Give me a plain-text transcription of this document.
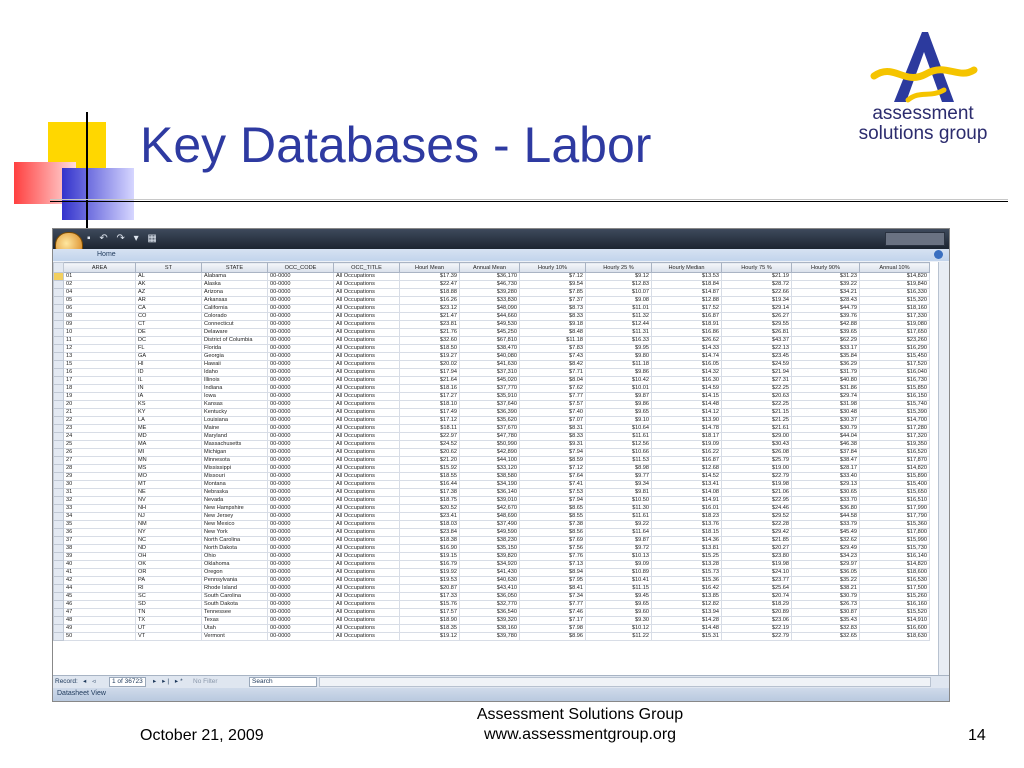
Key Databases - Labor
assessment
solutions group
▪ ↶ ↷ ▾ ▦
Home
	AREA	ST	STATE	OCC_CODE	OCC_TITLE	Hourl Mean	Annual Mean	Hourly 10%	Hourly 25 %	Hourly Median	Hourly 75 %	Hourly 90%	Annual 10%
	01	AL	Alabama	00-0000	All Occupations	$17.39	$36,170	$7.12	$9.12	$13.53	$21.19	$31.23	$14,820
	02	AK	Alaska	00-0000	All Occupations	$22.47	$46,730	$9.54	$12.83	$18.84	$28.72	$39.22	$19,840
	04	AZ	Arizona	00-0000	All Occupations	$18.88	$39,280	$7.85	$10.07	$14.87	$22.66	$34.21	$16,330
	05	AR	Arkansas	00-0000	All Occupations	$16.26	$33,830	$7.37	$9.08	$12.88	$19.34	$28.43	$15,320
	06	CA	California	00-0000	All Occupations	$23.12	$48,090	$8.73	$11.01	$17.52	$29.14	$44.79	$18,160
	08	CO	Colorado	00-0000	All Occupations	$21.47	$44,660	$8.33	$11.32	$16.87	$26.27	$39.76	$17,330
	09	CT	Connecticut	00-0000	All Occupations	$23.81	$49,530	$9.18	$12.44	$18.91	$29.55	$42.88	$19,080
	10	DE	Delaware	00-0000	All Occupations	$21.76	$45,250	$8.48	$11.31	$16.86	$26.81	$39.65	$17,650
	11	DC	District of Columbia	00-0000	All Occupations	$32.60	$67,810	$11.18	$16.33	$26.62	$43.37	$62.29	$23,260
	12	FL	Florida	00-0000	All Occupations	$18.50	$38,470	$7.83	$9.95	$14.33	$22.13	$33.17	$16,290
	13	GA	Georgia	00-0000	All Occupations	$19.27	$40,080	$7.43	$9.80	$14.74	$23.45	$35.84	$15,450
	15	HI	Hawaii	00-0000	All Occupations	$20.02	$41,630	$8.42	$11.18	$16.05	$24.59	$36.29	$17,520
	16	ID	Idaho	00-0000	All Occupations	$17.94	$37,310	$7.71	$9.86	$14.32	$21.94	$31.79	$16,040
	17	IL	Illinois	00-0000	All Occupations	$21.64	$45,020	$8.04	$10.42	$16.30	$27.31	$40.80	$16,730
	18	IN	Indiana	00-0000	All Occupations	$18.16	$37,770	$7.62	$10.01	$14.59	$22.25	$31.86	$15,850
	19	IA	Iowa	00-0000	All Occupations	$17.27	$35,910	$7.77	$9.87	$14.15	$20.63	$29.74	$16,150
	20	KS	Kansas	00-0000	All Occupations	$18.10	$37,640	$7.57	$9.86	$14.48	$22.25	$31.98	$15,740
	21	KY	Kentucky	00-0000	All Occupations	$17.49	$36,390	$7.40	$9.65	$14.12	$21.15	$30.48	$15,390
	22	LA	Louisiana	00-0000	All Occupations	$17.12	$35,620	$7.07	$9.10	$13.90	$21.25	$30.37	$14,700
	23	ME	Maine	00-0000	All Occupations	$18.11	$37,670	$8.31	$10.64	$14.78	$21.61	$30.79	$17,280
	24	MD	Maryland	00-0000	All Occupations	$22.97	$47,780	$8.33	$11.61	$18.17	$29.00	$44.04	$17,320
	25	MA	Massachusetts	00-0000	All Occupations	$24.52	$50,990	$9.31	$12.56	$19.09	$30.43	$46.38	$19,350
	26	MI	Michigan	00-0000	All Occupations	$20.62	$42,890	$7.94	$10.66	$16.22	$26.08	$37.84	$16,520
	27	MN	Minnesota	00-0000	All Occupations	$21.20	$44,100	$8.59	$11.53	$16.87	$25.79	$38.47	$17,870
	28	MS	Mississippi	00-0000	All Occupations	$15.92	$33,120	$7.12	$8.98	$12.68	$19.00	$28.17	$14,820
	29	MO	Missouri	00-0000	All Occupations	$18.55	$38,580	$7.64	$9.77	$14.52	$22.79	$33.40	$15,890
	30	MT	Montana	00-0000	All Occupations	$16.44	$34,190	$7.41	$9.34	$13.41	$19.98	$29.13	$15,400
	31	NE	Nebraska	00-0000	All Occupations	$17.38	$36,140	$7.53	$9.81	$14.08	$21.06	$30.65	$15,650
	32	NV	Nevada	00-0000	All Occupations	$18.75	$39,010	$7.94	$10.50	$14.91	$22.95	$33.70	$16,510
	33	NH	New Hampshire	00-0000	All Occupations	$20.52	$42,670	$8.65	$11.30	$16.01	$24.46	$36.80	$17,990
	34	NJ	New Jersey	00-0000	All Occupations	$23.41	$48,690	$8.55	$11.61	$18.23	$29.52	$44.58	$17,790
	35	NM	New Mexico	00-0000	All Occupations	$18.03	$37,490	$7.38	$9.22	$13.76	$22.28	$33.79	$15,360
	36	NY	New York	00-0000	All Occupations	$23.84	$49,590	$8.56	$11.64	$18.15	$29.42	$45.49	$17,800
	37	NC	North Carolina	00-0000	All Occupations	$18.38	$38,230	$7.69	$9.87	$14.36	$21.85	$32.62	$15,990
	38	ND	North Dakota	00-0000	All Occupations	$16.90	$35,150	$7.56	$9.72	$13.81	$20.27	$29.49	$15,730
	39	OH	Ohio	00-0000	All Occupations	$19.15	$39,820	$7.76	$10.13	$15.25	$23.80	$34.23	$16,140
	40	OK	Oklahoma	00-0000	All Occupations	$16.79	$34,920	$7.13	$9.09	$13.28	$19.98	$29.97	$14,820
	41	OR	Oregon	00-0000	All Occupations	$19.92	$41,430	$8.94	$10.89	$15.73	$24.10	$36.05	$18,600
	42	PA	Pennsylvania	00-0000	All Occupations	$19.53	$40,630	$7.95	$10.41	$15.36	$23.77	$35.22	$16,530
	44	RI	Rhode Island	00-0000	All Occupations	$20.87	$43,410	$8.41	$11.15	$16.42	$25.64	$38.21	$17,500
	45	SC	South Carolina	00-0000	All Occupations	$17.33	$36,050	$7.34	$9.45	$13.85	$20.74	$30.79	$15,260
	46	SD	South Dakota	00-0000	All Occupations	$15.76	$32,770	$7.77	$9.65	$12.82	$18.29	$26.73	$16,160
	47	TN	Tennessee	00-0000	All Occupations	$17.57	$36,540	$7.46	$9.60	$13.94	$20.89	$30.87	$15,520
	48	TX	Texas	00-0000	All Occupations	$18.90	$39,320	$7.17	$9.30	$14.28	$23.06	$35.43	$14,910
	49	UT	Utah	00-0000	All Occupations	$18.35	$38,160	$7.98	$10.12	$14.48	$22.19	$32.83	$16,600
	50	VT	Vermont	00-0000	All Occupations	$19.12	$39,780	$8.96	$11.22	$15.31	$22.79	$32.65	$18,630
Record: ◂ ◃	1 of 36723	▸ ▸| ▸* No Filter	Search
Datasheet View
October 21, 2009
Assessment Solutions Group
www.assessmentgroup.org	14
